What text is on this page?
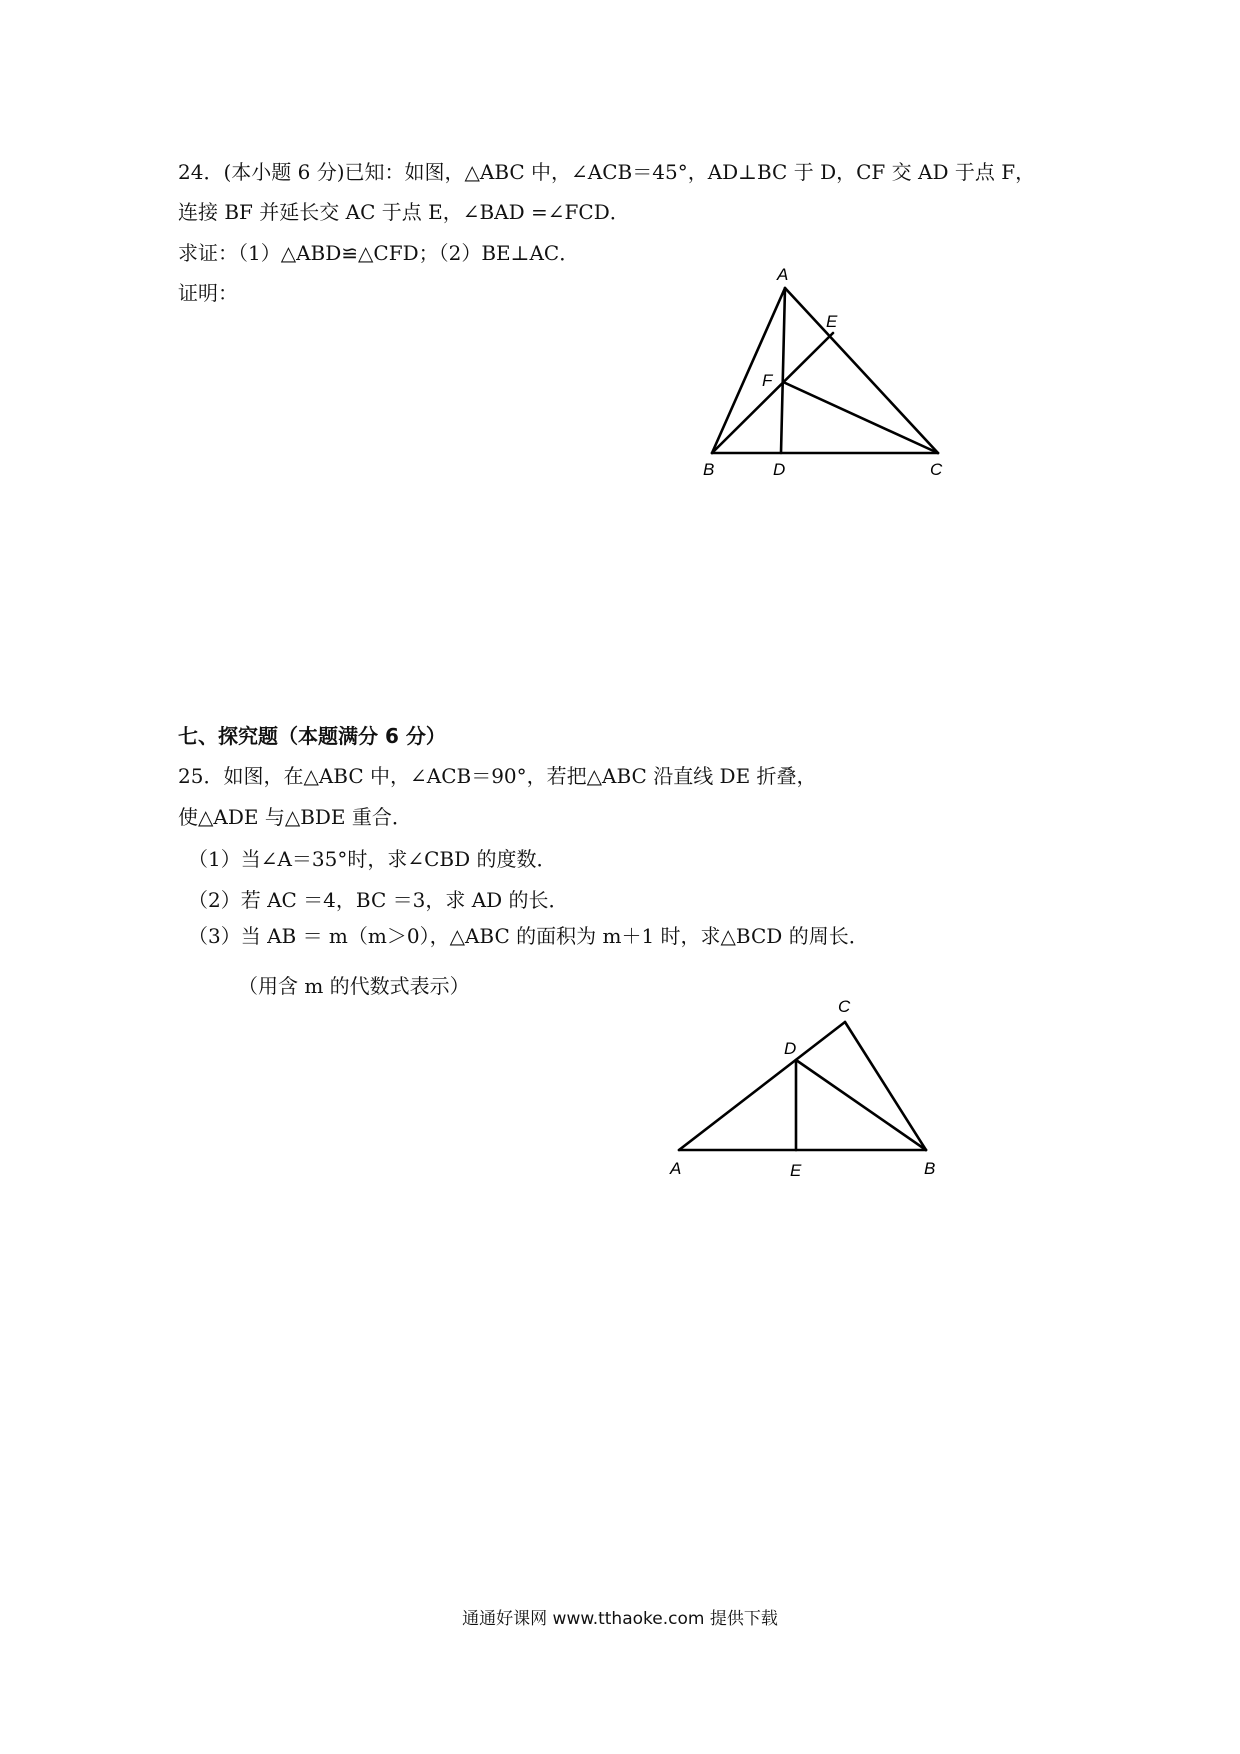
24．(本小题 6 分)已知：如图，△ABC 中，∠ACB＝45°，AD⊥BC 于 D，CF 交 AD 于点 F，
连接 BF 并延长交 AC 于点 E，∠BAD =∠FCD．
求证：（1）△ABD≌△CFD；（2）BE⊥AC．
证明：
A
E
F
B	D	C
七、探究题（本题满分 6 分）
25．如图，在△ABC 中，∠ACB＝90°，若把△ABC 沿直线 DE 折叠，
使△ADE 与△BDE 重合．
（1）当∠A＝35°时，求∠CBD 的度数．
（2）若 AC ＝4，BC ＝3，求 AD 的长．
（3）当 AB ＝ m（m＞0），△ABC 的面积为 m＋1 时，求△BCD 的周长．
（用含 m 的代数式表示）
C
D
A	E	B
通通好课网 www.tthaoke.com 提供下载
